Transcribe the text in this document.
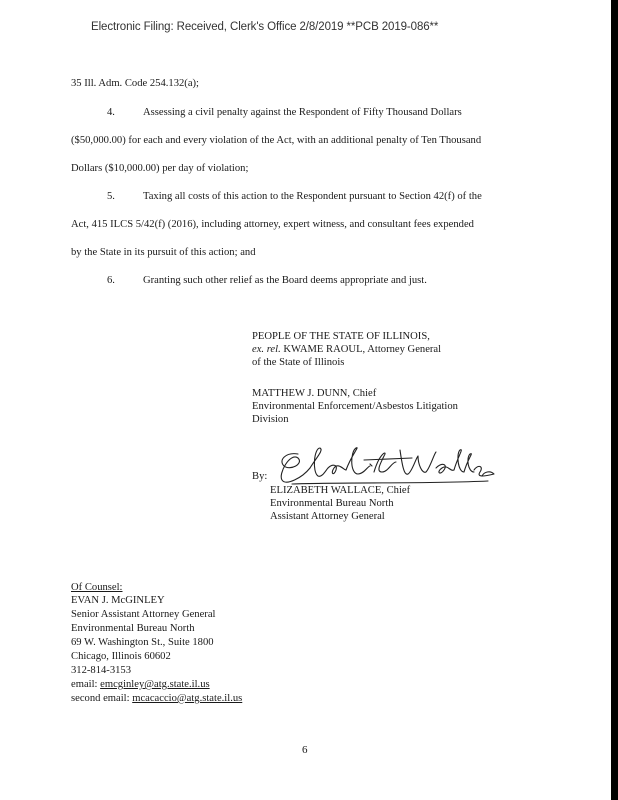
Electronic Filing: Received, Clerk's Office 2/8/2019 **PCB 2019-086**
35 Ill. Adm. Code 254.132(a);
4.	Assessing a civil penalty against the Respondent of Fifty Thousand Dollars
($50,000.00) for each and every violation of the Act, with an additional penalty of Ten Thousand
Dollars ($10,000.00) per day of violation;
5.	Taxing all costs of this action to the Respondent pursuant to Section 42(f) of the
Act, 415 ILCS 5/42(f) (2016), including attorney, expert witness, and consultant fees expended
by the State in its pursuit of this action; and
6.	Granting such other relief as the Board deems appropriate and just.
PEOPLE OF THE STATE OF ILLINOIS,
ex. rel. KWAME RAOUL, Attorney General
of the State of Illinois
MATTHEW J. DUNN, Chief
Environmental Enforcement/Asbestos Litigation
Division
By:
ELIZABETH WALLACE, Chief
Environmental Bureau North
Assistant Attorney General
Of Counsel:
EVAN J. McGINLEY
Senior Assistant Attorney General
Environmental Bureau North
69 W. Washington St., Suite 1800
Chicago, Illinois 60602
312-814-3153
email: emcginley@atg.state.il.us
second email: mcacaccio@atg.state.il.us
6
